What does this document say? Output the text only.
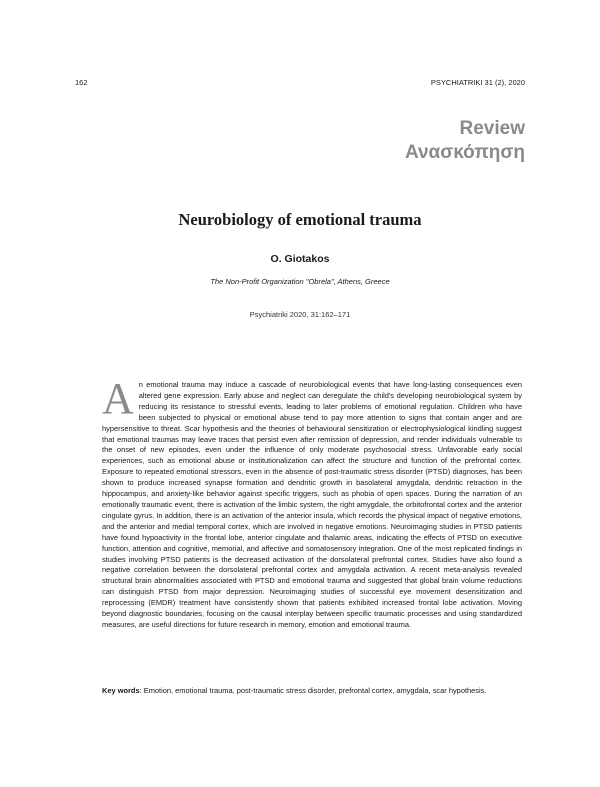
162	PSYCHIATRIKI 31 (2), 2020
Review
Ανασκόπηση
Neurobiology of emotional trauma
O. Giotakos
The Non-Profit Organization "Obrela", Athens, Greece
Psychiatriki 2020, 31:162–171

An emotional trauma may induce a cascade of neurobiological events that have long-lasting consequences even altered gene expression. Early abuse and neglect can deregulate the child's developing neurobiological system by reducing its resistance to stressful events, leading to later problems of emotional regulation. Children who have been subjected to physical or emotional abuse tend to pay more attention to signs that contain anger and are hypersensitive to threat. Scar hypothesis and the theories of behavioural sensitization or electrophysiological kindling suggest that emotional traumas may leave traces that persist even after remission of depression, and render individuals vulnerable to the onset of new episodes, even under the influence of only moderate psychosocial stress. Unfavorable early social experiences, such as emotional abuse or institutionalization can affect the structure and function of the prefrontal cortex. Exposure to repeated emotional stressors, even in the absence of post-traumatic stress disorder (PTSD) diagnoses, has been shown to produce increased synapse formation and dendritic growth in basolateral amygdala, dendritic retraction in the hippocampus, and anxiety-like behavior against specific triggers, such as phobia of open spaces. During the narration of an emotionally traumatic event, there is activation of the limbic system, the right amygdale, the orbitofrontal cortex and the anterior cingulate gyrus. In addition, there is an activation of the anterior insula, which records the physical impact of negative emotions, and the anterior and medial temporal cortex, which are involved in negative emotions. Neuroimaging studies in PTSD patients have found hypoactivity in the frontal lobe, anterior cingulate and thalamic areas, indicating the effects of PTSD on executive function, attention and cognitive, memorial, and affective and somatosensory integration. One of the most replicated findings in studies involving PTSD patients is the decreased activation of the dorsolateral prefrontal cortex. Studies have also found a negative correlation between the dorsolateral prefrontal cortex and amygdala activation. A recent meta-analysis revealed structural brain abnormalities associated with PTSD and emotional trauma and suggested that global brain volume reductions can distinguish PTSD from major depression. Neuroimaging studies of successful eye movement desensitization and reprocessing (EMDR) treatment have consistently shown that patients exhibited increased frontal lobe activation. Moving beyond diagnostic boundaries, focusing on the causal interplay between specific traumatic processes and using standardized measures, are useful directions for future research in memory, emotion and emotional trauma.

Key words: Emotion, emotional trauma, post-traumatic stress disorder, prefrontal cortex, amygdala, scar hypothesis.
